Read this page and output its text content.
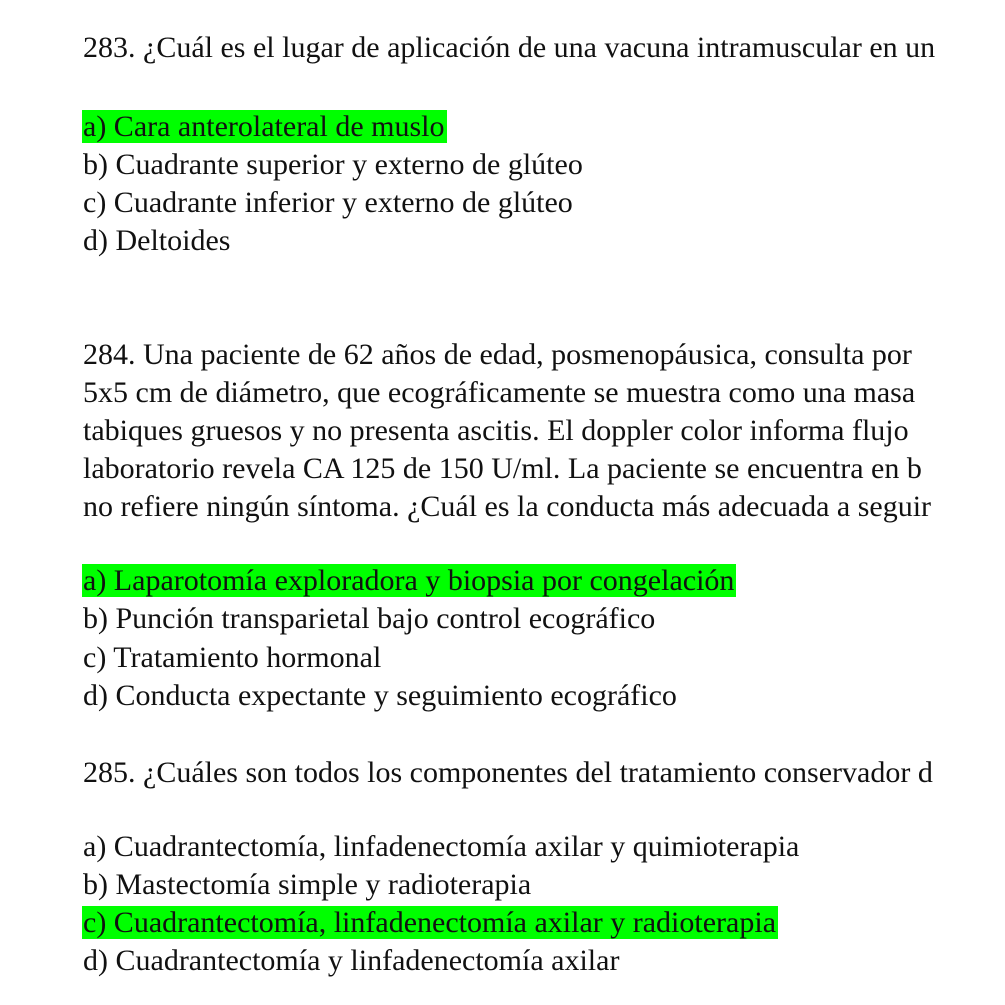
283. ¿Cuál es el lugar de aplicación de una vacuna intramuscular en un
a) Cara anterolateral de muslo
b) Cuadrante superior y externo de glúteo
c) Cuadrante inferior y externo de glúteo
d) Deltoides
284. Una paciente de 62 años de edad, posmenopáusica, consulta por
5x5 cm de diámetro, que ecográficamente se muestra como una masa
tabiques gruesos y no presenta ascitis. El doppler color informa flujo
laboratorio revela CA 125 de 150 U/ml. La paciente se encuentra en b
no refiere ningún síntoma. ¿Cuál es la conducta más adecuada a seguir
a) Laparotomía exploradora y biopsia por congelación
b) Punción transparietal bajo control ecográfico
c) Tratamiento hormonal
d) Conducta expectante y seguimiento ecográfico
285. ¿Cuáles son todos los componentes del tratamiento conservador d
a) Cuadrantectomía, linfadenectomía axilar y quimioterapia
b) Mastectomía simple y radioterapia
c) Cuadrantectomía, linfadenectomía axilar y radioterapia
d) Cuadrantectomía y linfadenectomía axilar
